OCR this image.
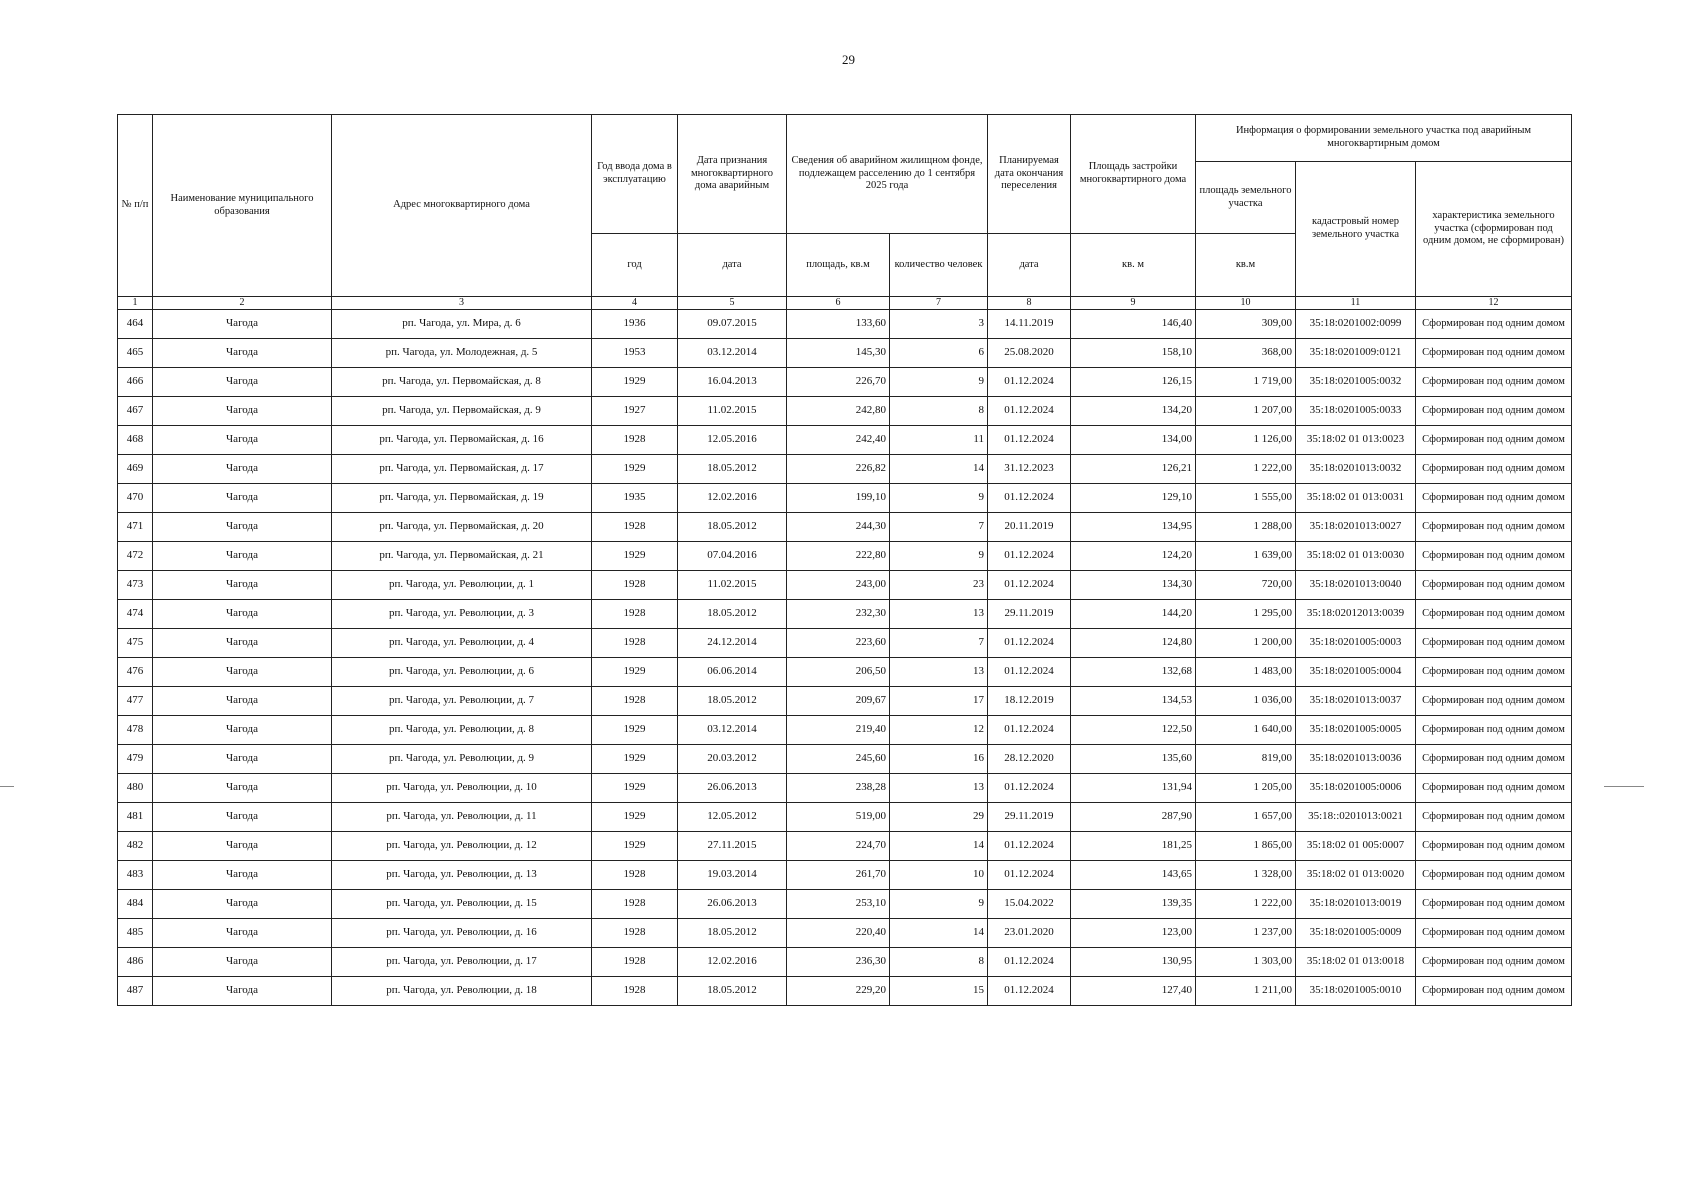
29
№ п/п	Наименование муниципального образования	Адрес многоквартирного дома	Год ввода дома в эксплуатацию	Дата признания многоквартирного дома аварийным	Сведения об аварийном жилищном фонде, подлежащем расселению до 1 сентября 2025 года		Планируемая дата окончания переселения	Площадь застройки многоквартирного дома	Информация о формировании земельного участка под аварийным многоквартирным домом		
									площадь земельного участка	кадастровый номер земельного участка	характеристика земельного участка (сформирован под одним домом, не сформирован)
			год	дата	площадь, кв.м	количество человек	дата	кв. м	кв.м		
1	2	3	4	5	6	7	8	9	10	11	12
464	Чагода	рп. Чагода, ул. Мира, д. 6	1936	09.07.2015	133,60	3	14.11.2019	146,40	309,00	35:18:0201002:0099	Сформирован под одним домом
465	Чагода	рп. Чагода, ул. Молодежная, д. 5	1953	03.12.2014	145,30	6	25.08.2020	158,10	368,00	35:18:0201009:0121	Сформирован под одним домом
466	Чагода	рп. Чагода, ул. Первомайская, д. 8	1929	16.04.2013	226,70	9	01.12.2024	126,15	1 719,00	35:18:0201005:0032	Сформирован под одним домом
467	Чагода	рп. Чагода, ул. Первомайская, д. 9	1927	11.02.2015	242,80	8	01.12.2024	134,20	1 207,00	35:18:0201005:0033	Сформирован под одним домом
468	Чагода	рп. Чагода, ул. Первомайская, д. 16	1928	12.05.2016	242,40	11	01.12.2024	134,00	1 126,00	35:18:02 01 013:0023	Сформирован под одним домом
469	Чагода	рп. Чагода, ул. Первомайская, д. 17	1929	18.05.2012	226,82	14	31.12.2023	126,21	1 222,00	35:18:0201013:0032	Сформирован под одним домом
470	Чагода	рп. Чагода, ул. Первомайская, д. 19	1935	12.02.2016	199,10	9	01.12.2024	129,10	1 555,00	35:18:02 01 013:0031	Сформирован под одним домом
471	Чагода	рп. Чагода, ул. Первомайская, д. 20	1928	18.05.2012	244,30	7	20.11.2019	134,95	1 288,00	35:18:0201013:0027	Сформирован под одним домом
472	Чагода	рп. Чагода, ул. Первомайская, д. 21	1929	07.04.2016	222,80	9	01.12.2024	124,20	1 639,00	35:18:02 01 013:0030	Сформирован под одним домом
473	Чагода	рп. Чагода, ул. Революции, д. 1	1928	11.02.2015	243,00	23	01.12.2024	134,30	720,00	35:18:0201013:0040	Сформирован под одним домом
474	Чагода	рп. Чагода, ул. Революции, д. 3	1928	18.05.2012	232,30	13	29.11.2019	144,20	1 295,00	35:18:02012013:0039	Сформирован под одним домом
475	Чагода	рп. Чагода, ул. Революции, д. 4	1928	24.12.2014	223,60	7	01.12.2024	124,80	1 200,00	35:18:0201005:0003	Сформирован под одним домом
476	Чагода	рп. Чагода, ул. Революции, д. 6	1929	06.06.2014	206,50	13	01.12.2024	132,68	1 483,00	35:18:0201005:0004	Сформирован под одним домом
477	Чагода	рп. Чагода, ул. Революции, д. 7	1928	18.05.2012	209,67	17	18.12.2019	134,53	1 036,00	35:18:0201013:0037	Сформирован под одним домом
478	Чагода	рп. Чагода, ул. Революции, д. 8	1929	03.12.2014	219,40	12	01.12.2024	122,50	1 640,00	35:18:0201005:0005	Сформирован под одним домом
479	Чагода	рп. Чагода, ул. Революции, д. 9	1929	20.03.2012	245,60	16	28.12.2020	135,60	819,00	35:18:0201013:0036	Сформирован под одним домом
480	Чагода	рп. Чагода, ул. Революции, д. 10	1929	26.06.2013	238,28	13	01.12.2024	131,94	1 205,00	35:18:0201005:0006	Сформирован под одним домом
481	Чагода	рп. Чагода, ул. Революции, д. 11	1929	12.05.2012	519,00	29	29.11.2019	287,90	1 657,00	35:18::0201013:0021	Сформирован под одним домом
482	Чагода	рп. Чагода, ул. Революции, д. 12	1929	27.11.2015	224,70	14	01.12.2024	181,25	1 865,00	35:18:02 01 005:0007	Сформирован под одним домом
483	Чагода	рп. Чагода, ул. Революции, д. 13	1928	19.03.2014	261,70	10	01.12.2024	143,65	1 328,00	35:18:02 01 013:0020	Сформирован под одним домом
484	Чагода	рп. Чагода, ул. Революции, д. 15	1928	26.06.2013	253,10	9	15.04.2022	139,35	1 222,00	35:18:0201013:0019	Сформирован под одним домом
485	Чагода	рп. Чагода, ул. Революции, д. 16	1928	18.05.2012	220,40	14	23.01.2020	123,00	1 237,00	35:18:0201005:0009	Сформирован под одним домом
486	Чагода	рп. Чагода, ул. Революции, д. 17	1928	12.02.2016	236,30	8	01.12.2024	130,95	1 303,00	35:18:02 01 013:0018	Сформирован под одним домом
487	Чагода	рп. Чагода, ул. Революции, д. 18	1928	18.05.2012	229,20	15	01.12.2024	127,40	1 211,00	35:18:0201005:0010	Сформирован под одним домом
